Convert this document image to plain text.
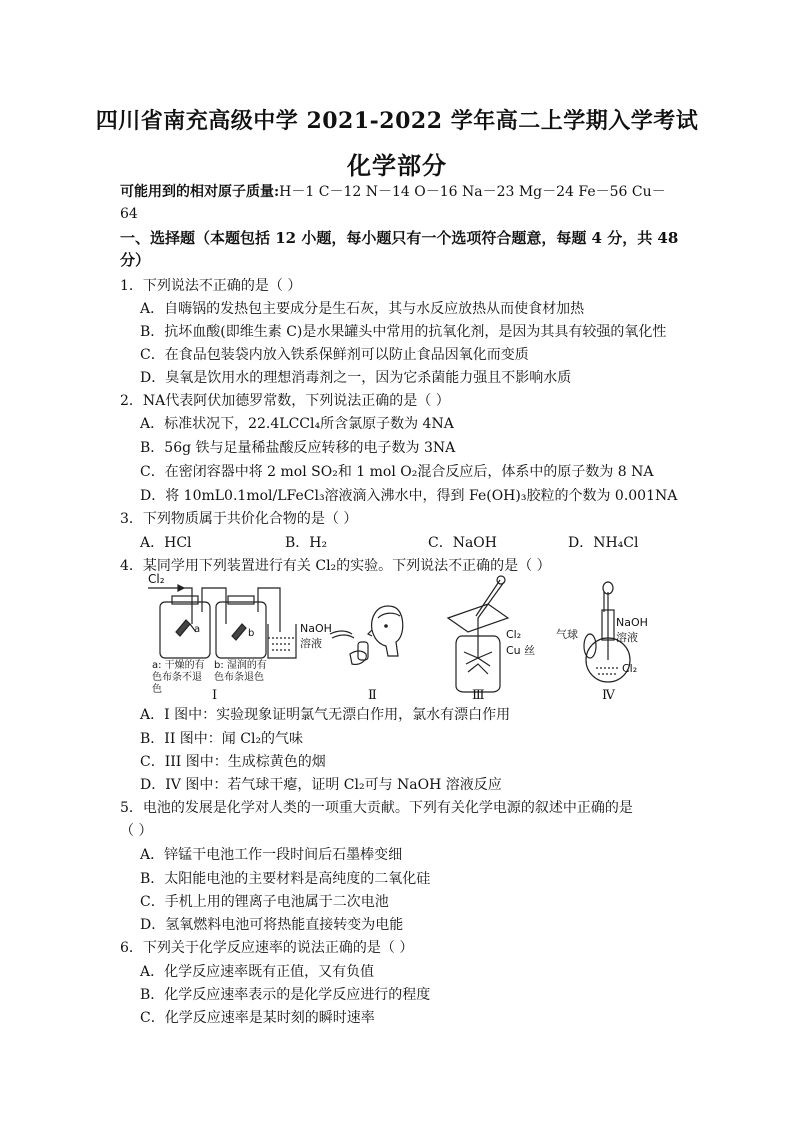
四川省南充高级中学 2021-2022 学年高二上学期入学考试
化学部分
可能用到的相对原子质量:H－1 C－12 N－14 O－16 Na－23 Mg－24 Fe－56 Cu－
64
一、选择题（本题包括 12 小题，每小题只有一个选项符合题意，每题 4 分，共 48
分）
1．下列说法不正确的是（ ）
A．自嗨锅的发热包主要成分是生石灰，其与水反应放热从而使食材加热
B．抗坏血酸(即维生素 C)是水果罐头中常用的抗氧化剂，是因为其具有较强的氧化性
C．在食品包装袋内放入铁系保鲜剂可以防止食品因氧化而变质
D．臭氧是饮用水的理想消毒剂之一，因为它杀菌能力强且不影响水质
2．NA代表阿伏加德罗常数，下列说法正确的是（ ）
A．标准状况下，22.4LCCl₄所含氯原子数为 4NA
B．56g 铁与足量稀盐酸反应转移的电子数为 3NA
C．在密闭容器中将 2 mol SO₂和 1 mol O₂混合反应后，体系中的原子数为 8 NA
D．将 10mL0.1mol/LFeCl₃溶液滴入沸水中，得到 Fe(OH)₃胶粒的个数为 0.001NA
3．下列物质属于共价化合物的是（ ）
A．HCl	B．H₂	C．NaOH	D．NH₄Cl
4．某同学用下列装置进行有关 Cl₂的实验。下列说法不正确的是（ ）
Cl₂
a	b	NaOH
溶液
a: 干燥的有
色布条不退
色
b: 湿润的有
色布条退色
Cl₂
Cu 丝
气球
NaOH
溶液
Cl₂
Ⅰ	Ⅱ	Ⅲ	Ⅳ
A．I 图中：实验现象证明氯气无漂白作用，氯水有漂白作用
B．II 图中：闻 Cl₂的气味
C．III 图中：生成棕黄色的烟
D．IV 图中：若气球干瘪，证明 Cl₂可与 NaOH 溶液反应
5．电池的发展是化学对人类的一项重大贡献。下列有关化学电源的叙述中正确的是
（ ）
A．锌锰干电池工作一段时间后石墨棒变细
B．太阳能电池的主要材料是高纯度的二氧化硅
C．手机上用的锂离子电池属于二次电池
D．氢氧燃料电池可将热能直接转变为电能
6．下列关于化学反应速率的说法正确的是（ ）
A．化学反应速率既有正值，又有负值
B．化学反应速率表示的是化学反应进行的程度
C．化学反应速率是某时刻的瞬时速率
